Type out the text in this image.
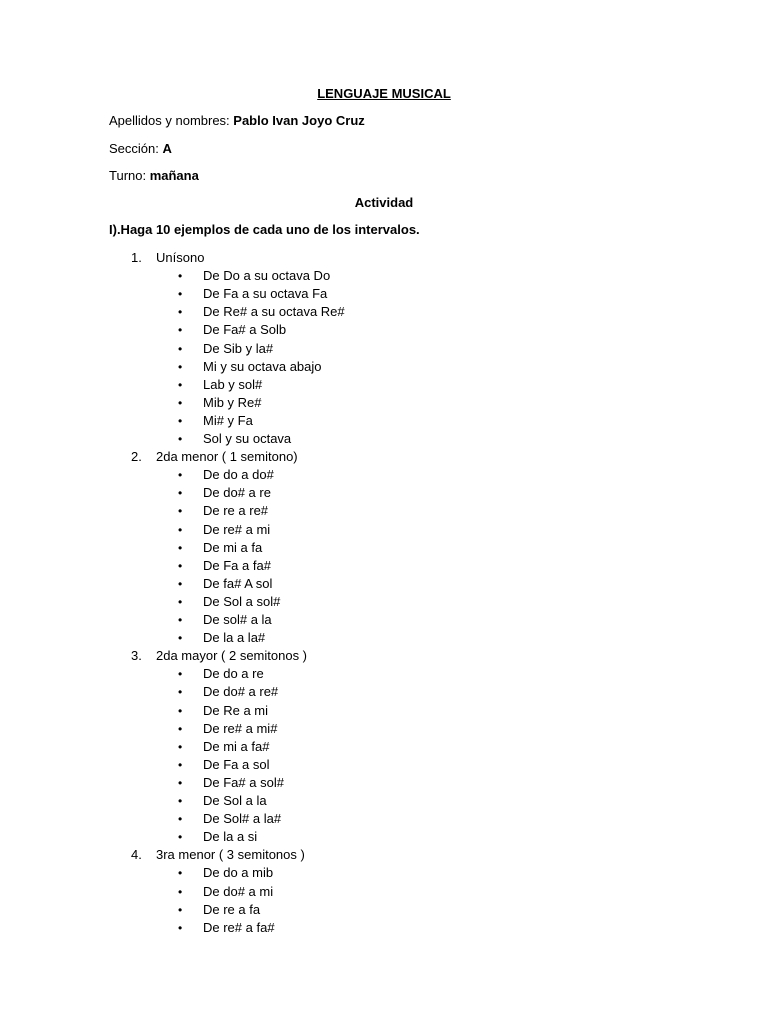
LENGUAJE MUSICAL
Apellidos y nombres: Pablo Ivan Joyo Cruz
Sección: A
Turno: mañana
Actividad
I).Haga 10 ejemplos de cada uno de los intervalos.
1. Unísono
• De Do a su octava Do
• De Fa a su octava Fa
• De Re# a su octava Re#
• De Fa# a Solb
• De Sib y la#
• Mi y su octava abajo
• Lab y sol#
• Mib y Re#
• Mi# y Fa
• Sol y su octava
2. 2da menor ( 1 semitono)
• De do a do#
• De do# a re
• De re a re#
• De re# a mi
• De mi a fa
• De Fa a fa#
• De fa# A sol
• De Sol a sol#
• De sol# a la
• De la a la#
3. 2da mayor ( 2 semitonos )
• De do a re
• De do# a re#
• De Re a mi
• De re# a mi#
• De mi a fa#
• De Fa a sol
• De Fa# a sol#
• De Sol a la
• De Sol# a la#
• De la a si
4. 3ra menor ( 3 semitonos )
• De do a mib
• De do# a mi
• De re a fa
• De re# a fa#
